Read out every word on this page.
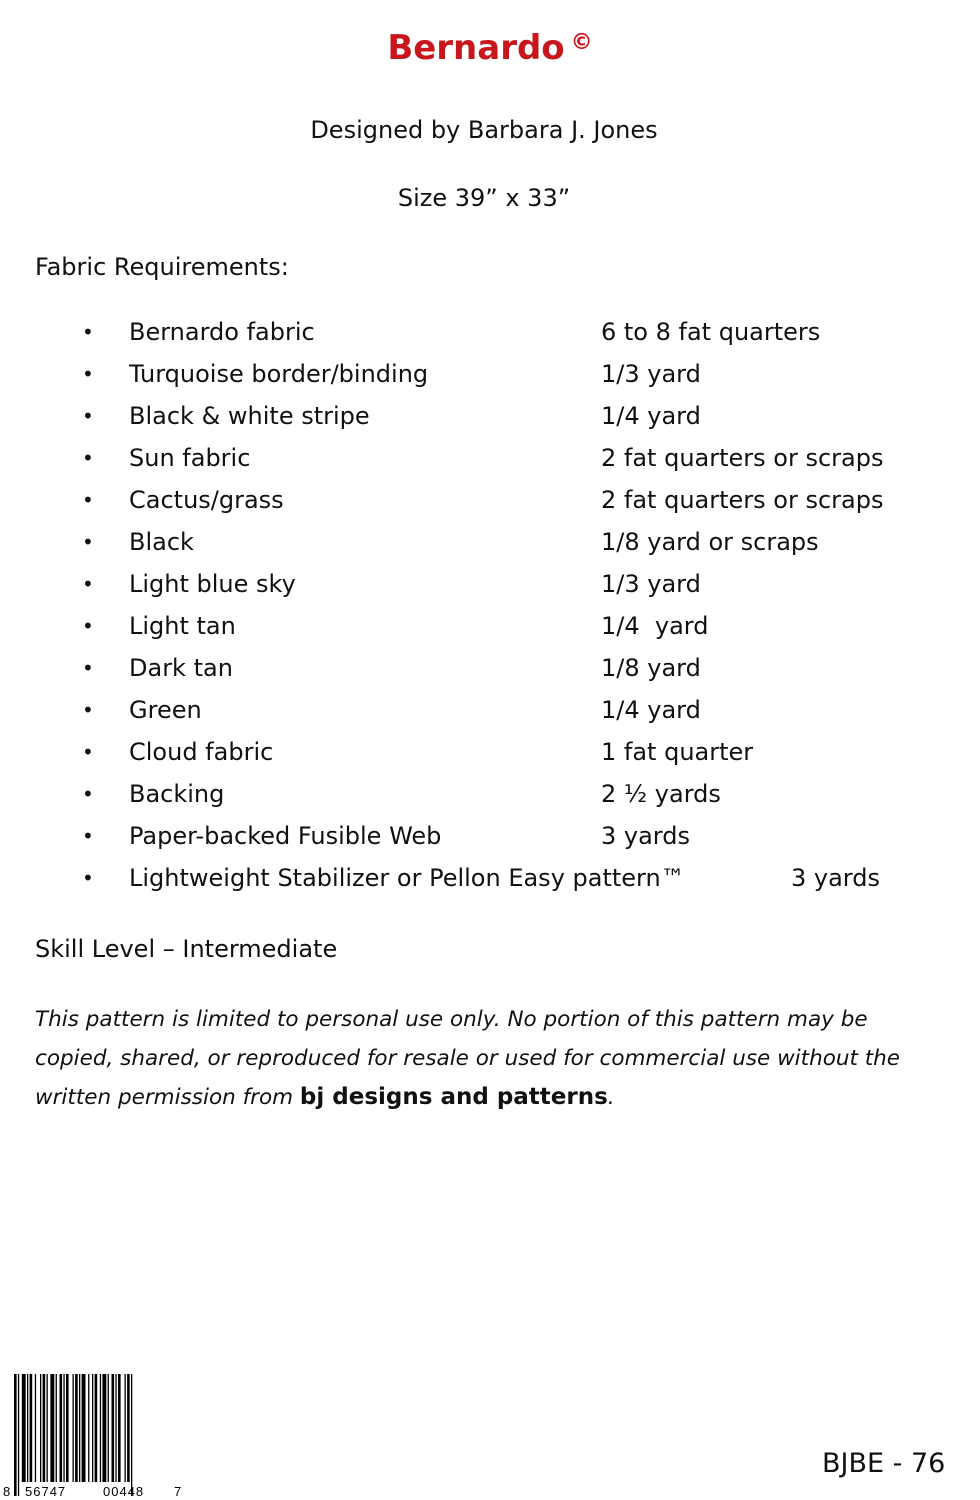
Bernardo ©
Designed by Barbara J. Jones
Size 39” x 33”
Fabric Requirements:
• Bernardo fabric	6 to 8 fat quarters
• Turquoise border/binding	1/3 yard
• Black & white stripe	1/4 yard
• Sun fabric	2 fat quarters or scraps
• Cactus/grass	2 fat quarters or scraps
• Black	1/8 yard or scraps
• Light blue sky	1/3 yard
• Light tan	1/4  yard
• Dark tan	1/8 yard
• Green	1/4 yard
• Cloud fabric	1 fat quarter
• Backing	2 ½ yards
• Paper-backed Fusible Web	3 yards
• Lightweight Stabilizer or Pellon Easy pattern™	3 yards
Skill Level – Intermediate
This pattern is limited to personal use only. No portion of this pattern may be copied, shared, or reproduced for resale or used for commercial use without the written permission from bj designs and patterns.
8 56747	00448 7
BJBE - 76
